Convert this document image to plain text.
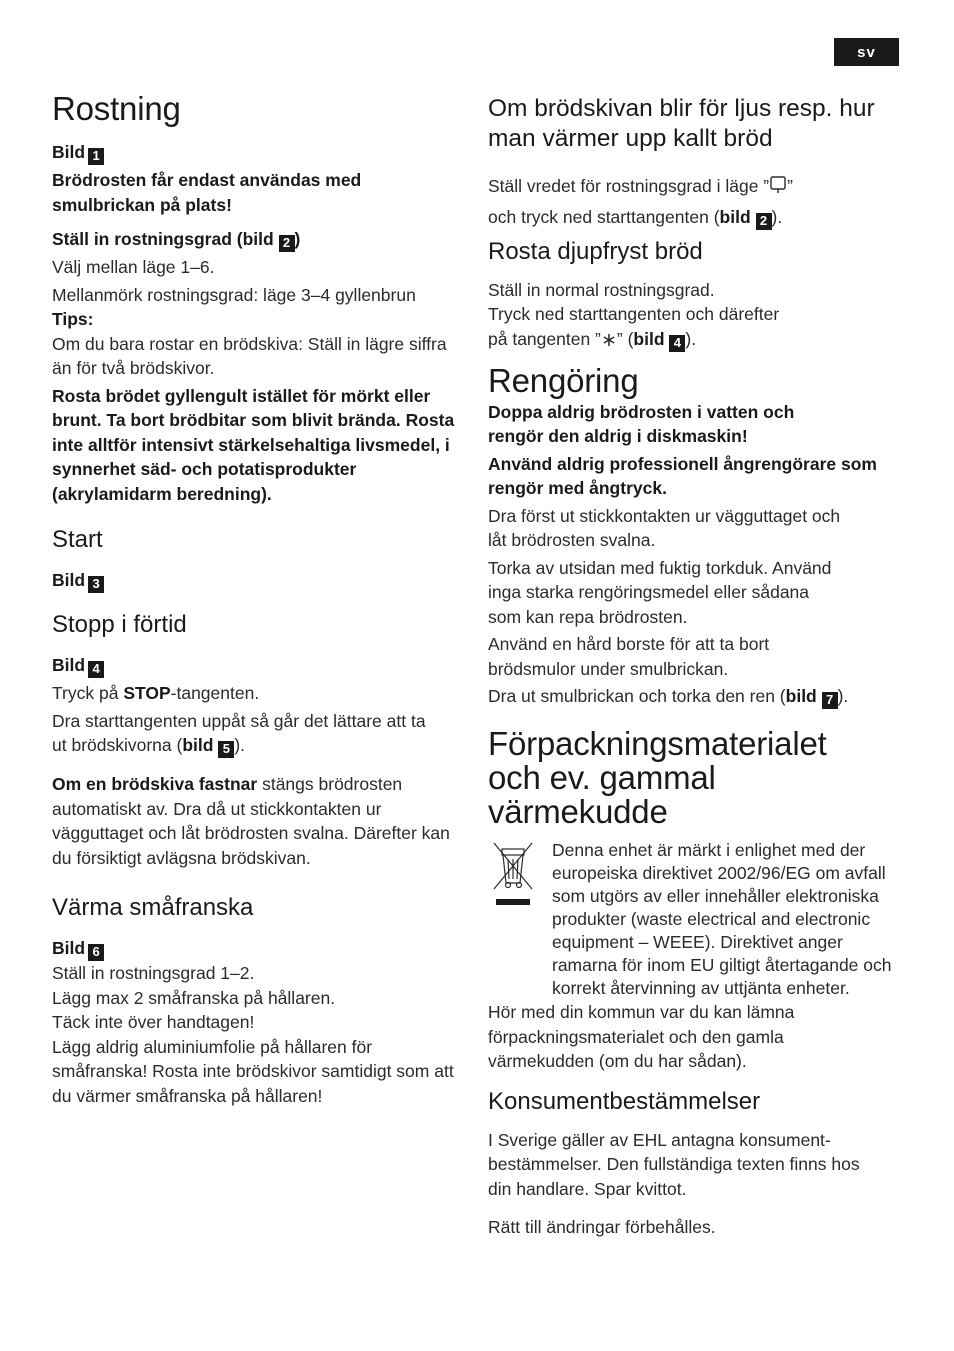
sv
Rostning

Bild 1

Brödrosten får endast användas med smulbrickan på plats!

Ställ in rostningsgrad (bild 2 )

Välj mellan läge 1–6.

Mellanmörk rostningsgrad: läge 3–4 gyllenbrun

Tips:

Om du bara rostar en brödskiva: Ställ in lägre siffra än för två brödskivor.

Rosta brödet gyllengult istället för mörkt eller brunt. Ta bort brödbitar som blivit brända. Rosta inte alltför intensivt stärkelsehaltiga livsmedel, i synnerhet säd- och potatisprodukter (akrylamidarm beredning).

Start

Bild 3

Stopp i förtid

Bild 4

Tryck på STOP-tangenten.

Dra starttangenten uppåt så går det lättare att ta ut brödskivorna (bild 5 ).

Om en brödskiva fastnar stängs brödrosten automatiskt av. Dra då ut stickkontakten ur vägguttaget och låt brödrosten svalna. Därefter kan du försiktigt avlägsna brödskivan.

Värma småfranska

Bild 6

Ställ in rostningsgrad 1–2.

Lägg max 2 småfranska på hållaren.

Täck inte över handtagen!

Lägg aldrig aluminiumfolie på hållaren för småfranska! Rosta inte brödskivor samtidigt som att du värmer småfranska på hållaren!

Om brödskivan blir för ljus resp. hur man värmer upp kallt bröd

Ställ vredet för rostningsgrad i läge ” ”

och tryck ned starttangenten (bild 2 ).

Rosta djupfryst bröd

Ställ in normal rostningsgrad.

Tryck ned starttangenten och därefter

på tangenten ” ” (bild 4 ).

Rengöring

Doppa aldrig brödrosten i vatten och rengör den aldrig i diskmaskin!

Använd aldrig professionell ångrengörare som rengör med ångtryck.

Dra först ut stickkontakten ur vägguttaget och låt brödrosten svalna.

Torka av utsidan med fuktig torkduk. Använd inga starka rengöringsmedel eller sådana som kan repa brödrosten.

Använd en hård borste för att ta bort brödsmulor under smulbrickan.

Dra ut smulbrickan och torka den ren (bild 7 ).

Förpackningsmaterialet och ev. gammal värmekudde

Denna enhet är märkt i enlighet med der europeiska direktivet 2002/96/EG om avfall som utgörs av eller innehåller elektroniska produkter (waste electrical and electronic equipment – WEEE). Direktivet anger ramarna för inom EU giltigt återtagande och korrekt återvinning av uttjänta enheter.

Hör med din kommun var du kan lämna förpackningsmaterialet och den gamla värmekudden (om du har sådan).

Konsumentbestämmelser

I Sverige gäller av EHL antagna konsumentbestämmelser. Den fullständiga texten finns hos din handlare. Spar kvittot.

Rätt till ändringar förbehålles.
